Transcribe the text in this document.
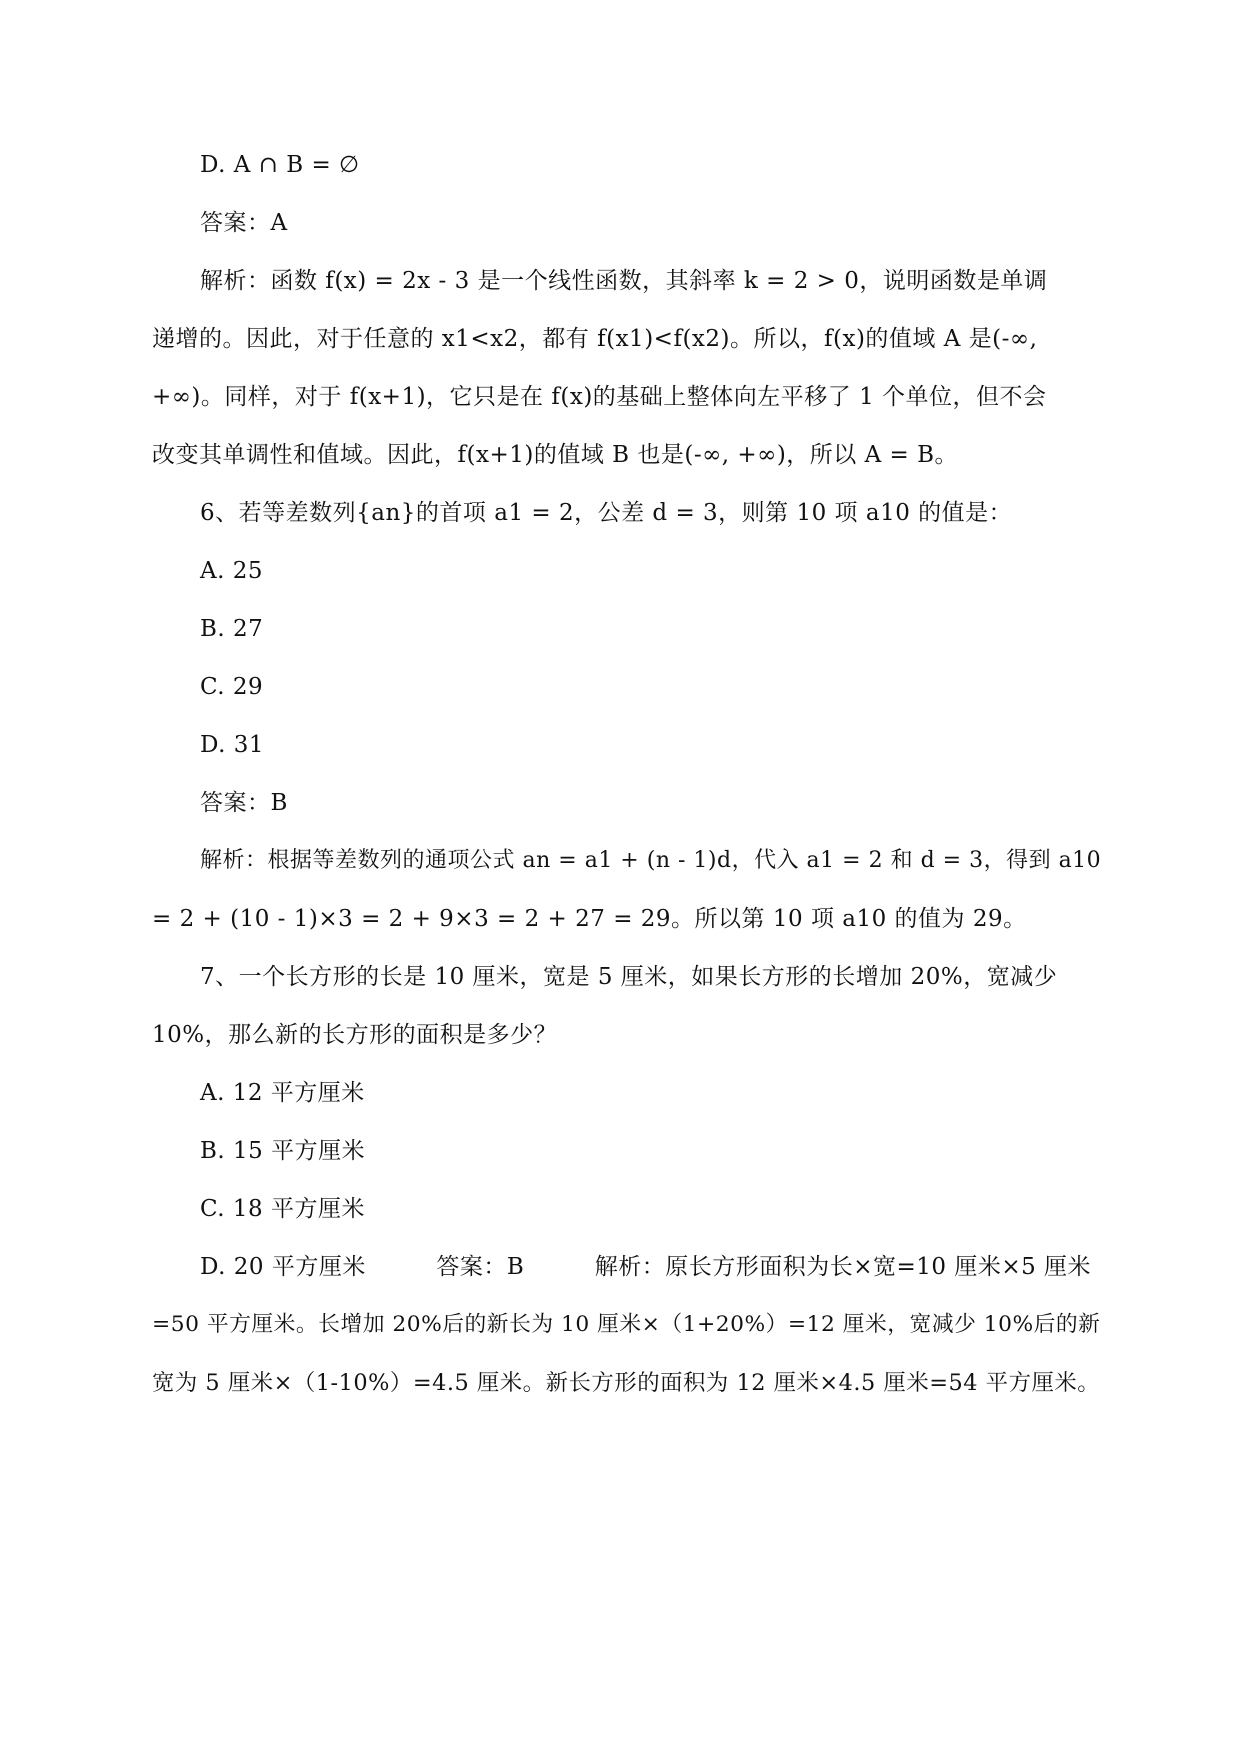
D. A ∩ B = ∅
答案：A
解析：函数 f(x) = 2x - 3 是一个线性函数，其斜率 k = 2 > 0，说明函数是单调
递增的。因此，对于任意的 x1<x2，都有 f(x1)<f(x2)。所以，f(x)的值域 A 是(-∞,
+∞)。同样，对于 f(x+1)，它只是在 f(x)的基础上整体向左平移了 1 个单位，但不会
改变其单调性和值域。因此，f(x+1)的值域 B 也是(-∞, +∞)，所以 A = B。
6、若等差数列{an}的首项 a1 = 2，公差 d = 3，则第 10 项 a10 的值是：
A. 25
B. 27
C. 29
D. 31
答案：B
解析：根据等差数列的通项公式 an = a1 + (n - 1)d，代入 a1 = 2 和 d = 3，得到 a10
= 2 + (10 - 1)×3 = 2 + 9×3 = 2 + 27 = 29。所以第 10 项 a10 的值为 29。
7、一个长方形的长是 10 厘米，宽是 5 厘米，如果长方形的长增加 20%，宽减少
10%，那么新的长方形的面积是多少？
A. 12 平方厘米
B. 15 平方厘米
C. 18 平方厘米
D. 20 平方厘米　　　答案：B　　　解析：原长方形面积为长×宽=10 厘米×5 厘米
=50 平方厘米。长增加 20%后的新长为 10 厘米×（1+20%）=12 厘米，宽减少 10%后的新
宽为 5 厘米×（1-10%）=4.5 厘米。新长方形的面积为 12 厘米×4.5 厘米=54 平方厘米。
